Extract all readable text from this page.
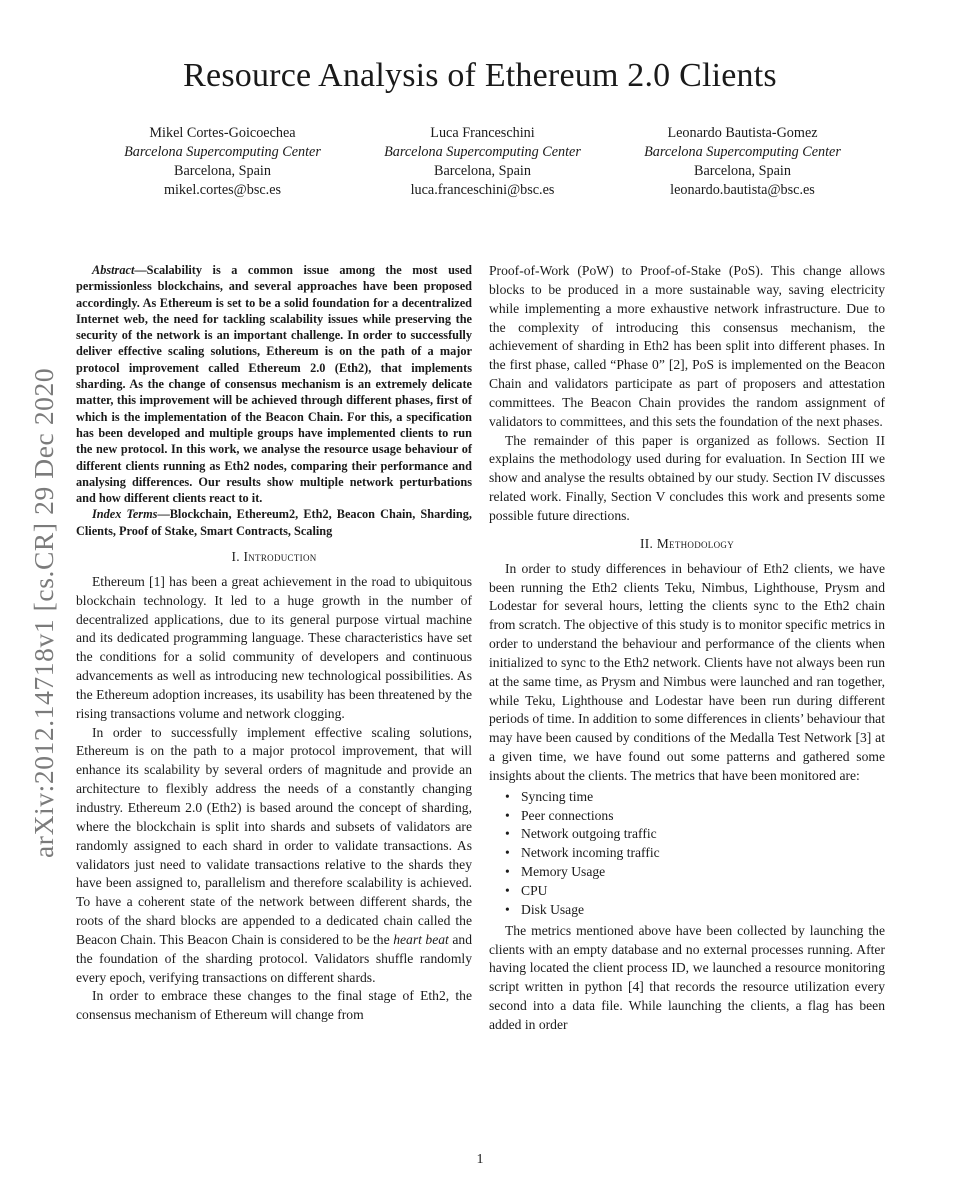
Resource Analysis of Ethereum 2.0 Clients
Mikel Cortes-Goicoechea
Barcelona Supercomputing Center
Barcelona, Spain
mikel.cortes@bsc.es
Luca Franceschini
Barcelona Supercomputing Center
Barcelona, Spain
luca.franceschini@bsc.es
Leonardo Bautista-Gomez
Barcelona Supercomputing Center
Barcelona, Spain
leonardo.bautista@bsc.es
arXiv:2012.14718v1 [cs.CR] 29 Dec 2020

Abstract—Scalability is a common issue among the most used permissionless blockchains, and several approaches have been proposed accordingly. As Ethereum is set to be a solid foundation for a decentralized Internet web, the need for tackling scalability issues while preserving the security of the network is an important challenge. In order to successfully deliver effective scaling solutions, Ethereum is on the path of a major protocol improvement called Ethereum 2.0 (Eth2), that implements sharding. As the change of consensus mechanism is an extremely delicate matter, this improvement will be achieved through different phases, first of which is the implementation of the Beacon Chain. For this, a specification has been developed and multiple groups have implemented clients to run the new protocol. In this work, we analyse the resource usage behaviour of different clients running as Eth2 nodes, comparing their performance and analysing differences. Our results show multiple network perturbations and how different clients react to it.

Index Terms—Blockchain, Ethereum2, Eth2, Beacon Chain, Sharding, Clients, Proof of Stake, Smart Contracts, Scaling

I. Introduction

Ethereum [1] has been a great achievement in the road to ubiquitous blockchain technology. It led to a huge growth in the number of decentralized applications, due to its general purpose virtual machine and its dedicated programming language. These characteristics have set the conditions for a solid community of developers and continuous advancements as well as introducing new technological possibilities. As the Ethereum adoption increases, its usability has been threatened by the rising transactions volume and network clogging.

In order to successfully implement effective scaling solutions, Ethereum is on the path to a major protocol improvement, that will enhance its scalability by several orders of magnitude and provide an architecture to flexibly address the needs of a constantly changing industry. Ethereum 2.0 (Eth2) is based around the concept of sharding, where the blockchain is split into shards and subsets of validators are randomly assigned to each shard in order to validate transactions. As validators just need to validate transactions relative to the shards they have been assigned to, parallelism and therefore scalability is achieved. To have a coherent state of the network between different shards, the roots of the shard blocks are appended to a dedicated chain called the Beacon Chain. This Beacon Chain is considered to be the heart beat and the foundation of the sharding protocol. Validators shuffle randomly every epoch, verifying transactions on different shards.

In order to embrace these changes to the final stage of Eth2, the consensus mechanism of Ethereum will change from

Proof-of-Work (PoW) to Proof-of-Stake (PoS). This change allows blocks to be produced in a more sustainable way, saving electricity while implementing a more exhaustive network infrastructure. Due to the complexity of introducing this consensus mechanism, the achievement of sharding in Eth2 has been split into different phases. In the first phase, called “Phase 0” [2], PoS is implemented on the Beacon Chain and validators participate as part of proposers and attestation committees. The Beacon Chain provides the random assignment of validators to committees, and this sets the foundation of the next phases.

The remainder of this paper is organized as follows. Section II explains the methodology used during for evaluation. In Section III we show and analyse the results obtained by our study. Section IV discusses related work. Finally, Section V concludes this work and presents some possible future directions.

II. Methodology

In order to study differences in behaviour of Eth2 clients, we have been running the Eth2 clients Teku, Nimbus, Lighthouse, Prysm and Lodestar for several hours, letting the clients sync to the Eth2 chain from scratch. The objective of this study is to monitor specific metrics in order to understand the behaviour and performance of the clients when initialized to sync to the Eth2 network. Clients have not always been run at the same time, as Prysm and Nimbus were launched and ran together, while Teku, Lighthouse and Lodestar have been run during different periods of time. In addition to some differences in clients’ behaviour that may have been caused by conditions of the Medalla Test Network [3] at a given time, we have found out some patterns and gathered some insights about the clients. The metrics that have been monitored are:

• Syncing time
• Peer connections
• Network outgoing traffic
• Network incoming traffic
• Memory Usage
• CPU
• Disk Usage

The metrics mentioned above have been collected by launching the clients with an empty database and no external processes running. After having located the client process ID, we launched a resource monitoring script written in python [4] that records the resource utilization every second into a data file. While launching the clients, a flag has been added in order

1
